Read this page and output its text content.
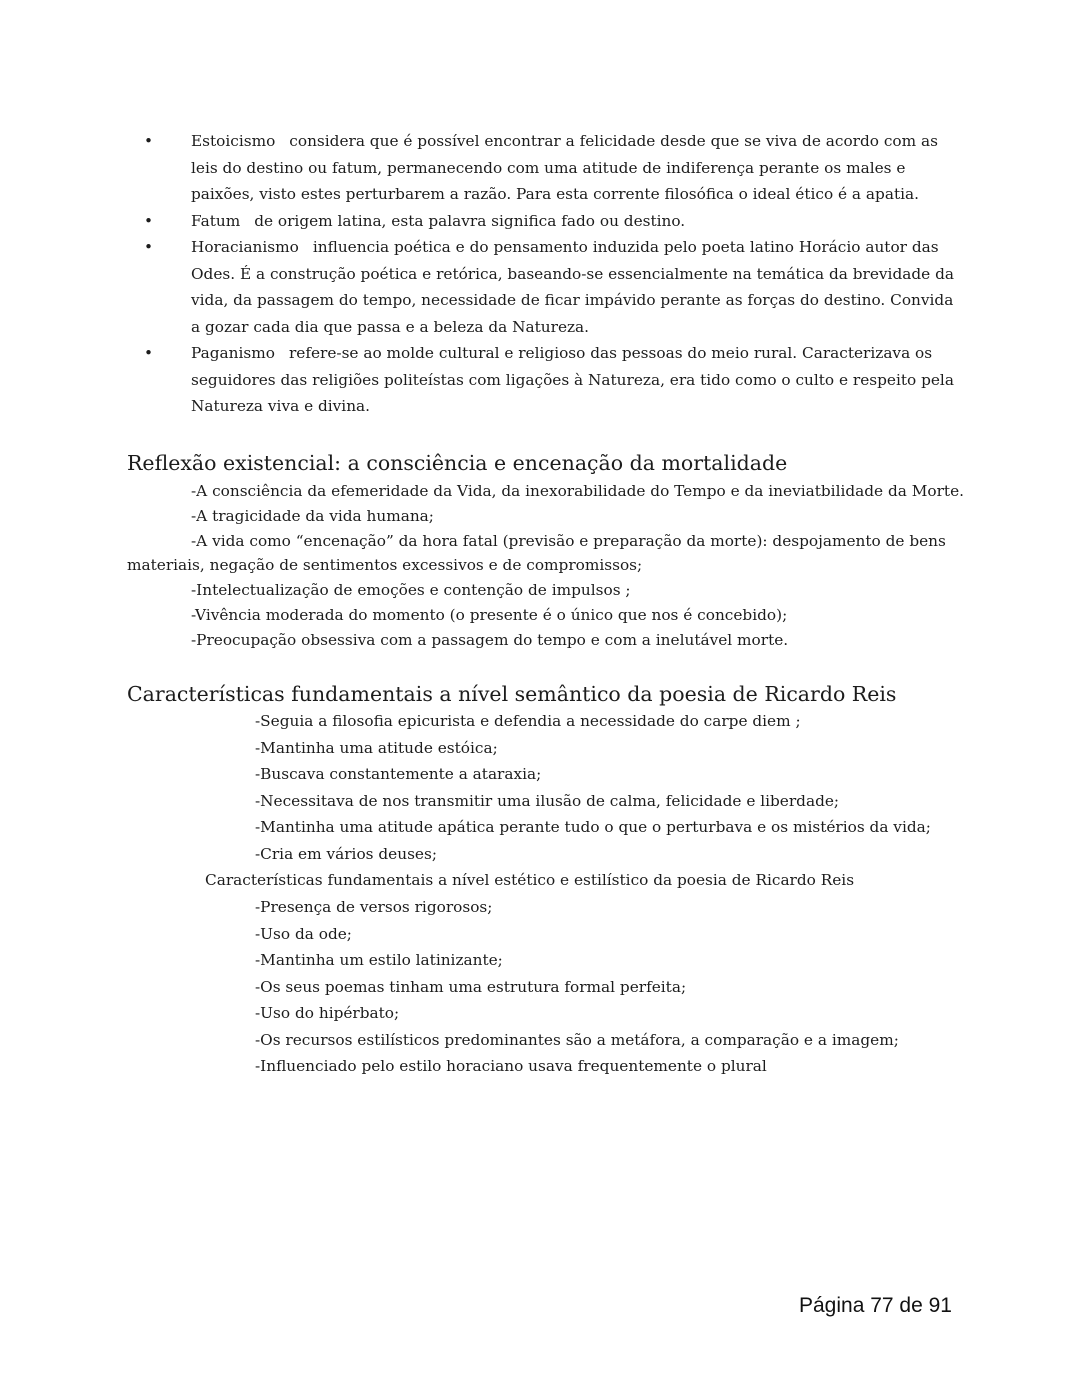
• Estoicismo considera que é possível encontrar a felicidade desde que se viva de acordo com as leis do destino ou fatum, permanecendo com uma atitude de indiferença perante os males e paixões, visto estes perturbarem a razão. Para esta corrente filosófica o ideal ético é a apatia.
• Fatum de origem latina, esta palavra significa fado ou destino.
• Horacianismo influencia poética e do pensamento induzida pelo poeta latino Horácio autor das Odes. É a construção poética e retórica, baseando-se essencialmente na temática da brevidade da vida, da passagem do tempo, necessidade de ficar impávido perante as forças do destino. Convida a gozar cada dia que passa e a beleza da Natureza.
• Paganismo refere-se ao molde cultural e religioso das pessoas do meio rural. Caracterizava os seguidores das religiões politeístas com ligações à Natureza, era tido como o culto e respeito pela Natureza viva e divina.
Reflexão existencial: a consciência e encenação da mortalidade
-A consciência da efemeridade da Vida, da inexorabilidade do Tempo e da ineviatbilidade da Morte.
-A tragicidade da vida humana;
-A vida como “encenação” da hora fatal (previsão e preparação da morte): despojamento de bens materiais, negação de sentimentos excessivos e de compromissos;
-Intelectualização de emoções e contenção de impulsos ;
-Vivência moderada do momento (o presente é o único que nos é concebido);
-Preocupação obsessiva com a passagem do tempo e com a inelutável morte.
Características fundamentais a nível semântico da poesia de Ricardo Reis
-Seguia a filosofia epicurista e defendia a necessidade do carpe diem ;
-Mantinha uma atitude estóica;
-Buscava constantemente a ataraxia;
-Necessitava de nos transmitir uma ilusão de calma, felicidade e liberdade;
-Mantinha uma atitude apática perante tudo o que o perturbava e os mistérios da vida;
-Cria em vários deuses;
Características fundamentais a nível estético e estilístico da poesia de Ricardo Reis
-Presença de versos rigorosos;
-Uso da ode;
-Mantinha um estilo latinizante;
-Os seus poemas tinham uma estrutura formal perfeita;
-Uso do hipérbato;
-Os recursos estilísticos predominantes são a metáfora, a comparação e a imagem;
-Influenciado pelo estilo horaciano usava frequentemente o plural
Página 77 de 91
